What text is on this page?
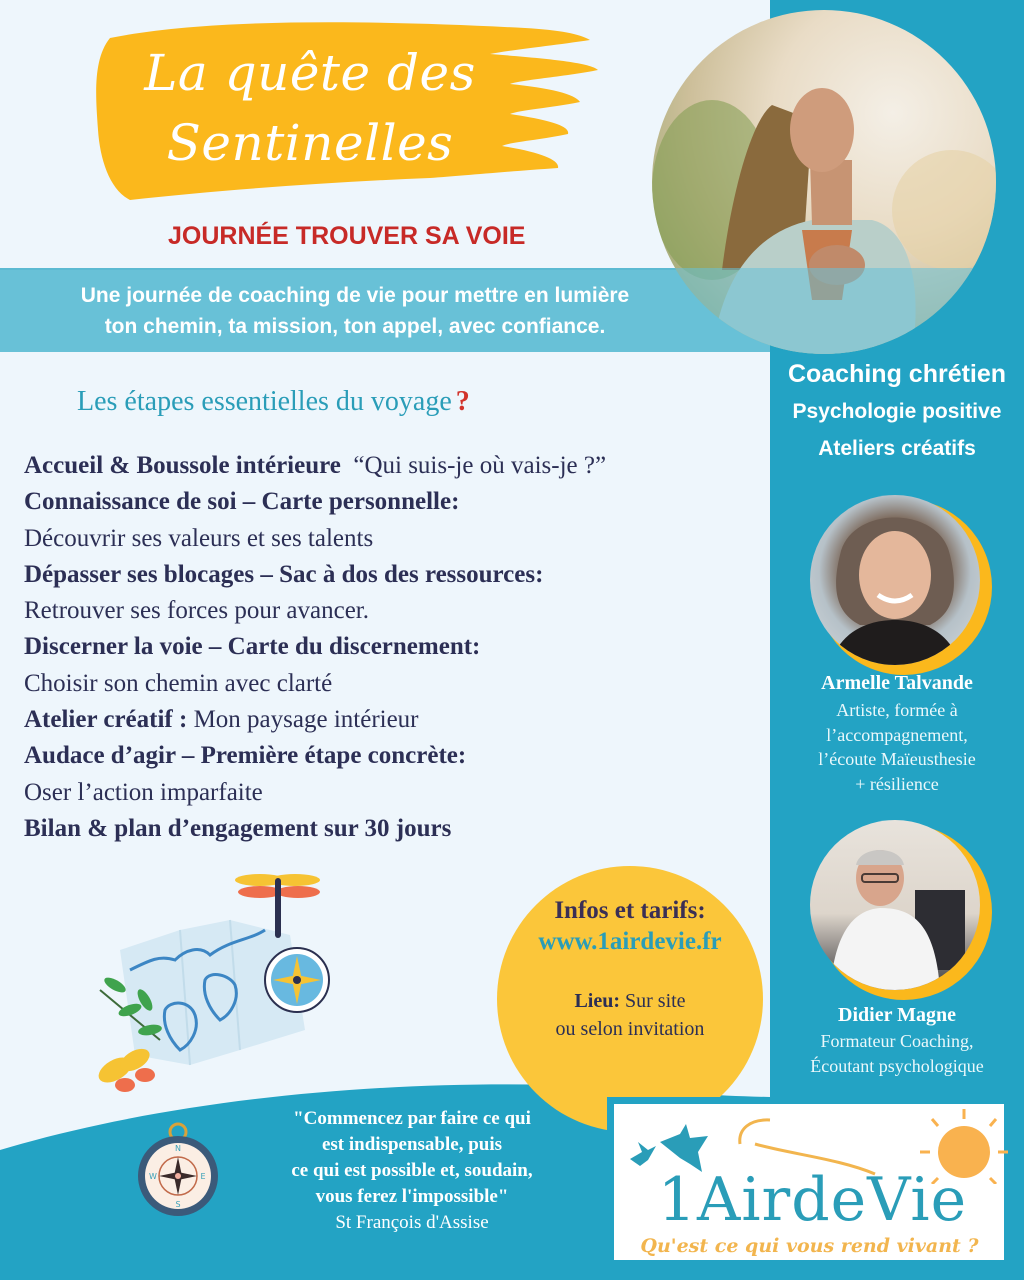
La quête des
Sentinelles
JOURNÉE TROUVER SA VOIE
Une journée de coaching de vie pour mettre en lumière
ton chemin, ta mission, ton appel, avec confiance.
Coaching chrétien
Psychologie positive
Ateliers créatifs
Les étapes essentielles du voyage ?
Accueil & Boussole intérieure “Qui suis-je où vais-je ?”
Connaissance de soi – Carte personnelle:
Découvrir ses valeurs et ses talents
Dépasser ses blocages – Sac à dos des ressources:
Retrouver ses forces pour avancer.
Discerner la voie – Carte du discernement:
Choisir son chemin avec clarté
Atelier créatif : Mon paysage intérieur
Audace d’agir – Première étape concrète:
Oser l’action imparfaite
Bilan & plan d’engagement sur 30 jours
Infos et tarifs:
www.1airdevie.fr
Lieu: Sur site
ou selon invitation
Armelle Talvande
Artiste, formée à
l’accompagnement,
l’écoute Maïeusthesie
+ résilience
Didier Magne
Formateur Coaching,
Écoutant psychologique
N
S
W	E
"Commencez par faire ce qui
est indispensable, puis
ce qui est possible et, soudain,
vous ferez l'impossible"
St François d'Assise	1AirdeVie
Qu'est ce qui vous rend vivant ?
